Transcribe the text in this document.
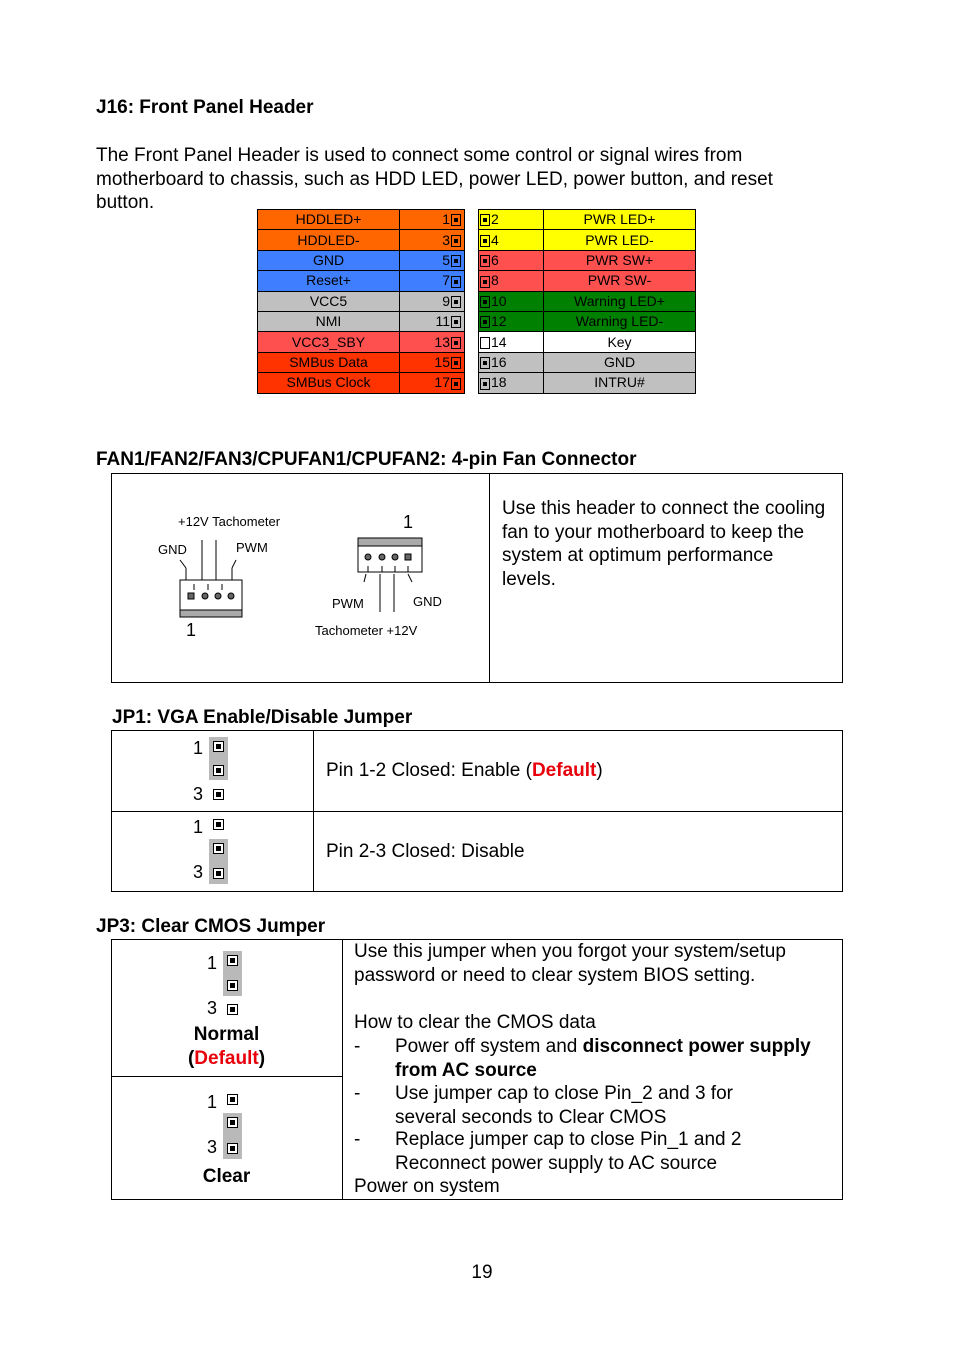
J16: Front Panel Header
The Front Panel Header is used to connect some control or signal wires from motherboard to chassis, such as HDD LED, power LED, power button, and reset button.
HDDLED+	1		2	PWR LED+
HDDLED-	3		4	PWR LED-
GND	5		6	PWR SW+
Reset+	7		8	PWR SW-
VCC5	9		10	Warning LED+
NMI	11		12	Warning LED-
VCC3_SBY	13		14	Key
SMBus Data	15		16	GND
SMBus Clock	17		18	INTRU#
FAN1/FAN2/FAN3/CPUFAN1/CPUFAN2: 4-pin Fan Connector
+12V Tachometer
GND	PWM
1
1
PWM	GND
Tachometer +12V
Use this header to connect the cooling fan to your motherboard to keep the system at optimum performance levels.
JP1: VGA Enable/Disable Jumper
1
3
Pin 1-2 Closed: Enable (Default)
1
3
Pin 2-3 Closed: Disable
JP3: Clear CMOS Jumper
1
3
Normal
(Default)
1
3
Clear
Use this jumper when you forgot your system/setup password or need to clear system BIOS setting.
How to clear the CMOS data
- Power off system and disconnect power supply from AC source
- Use jumper cap to close Pin_2 and 3 for several seconds to Clear CMOS
- Replace jumper cap to close Pin_1 and 2 Reconnect power supply to AC source
Power on system
19
